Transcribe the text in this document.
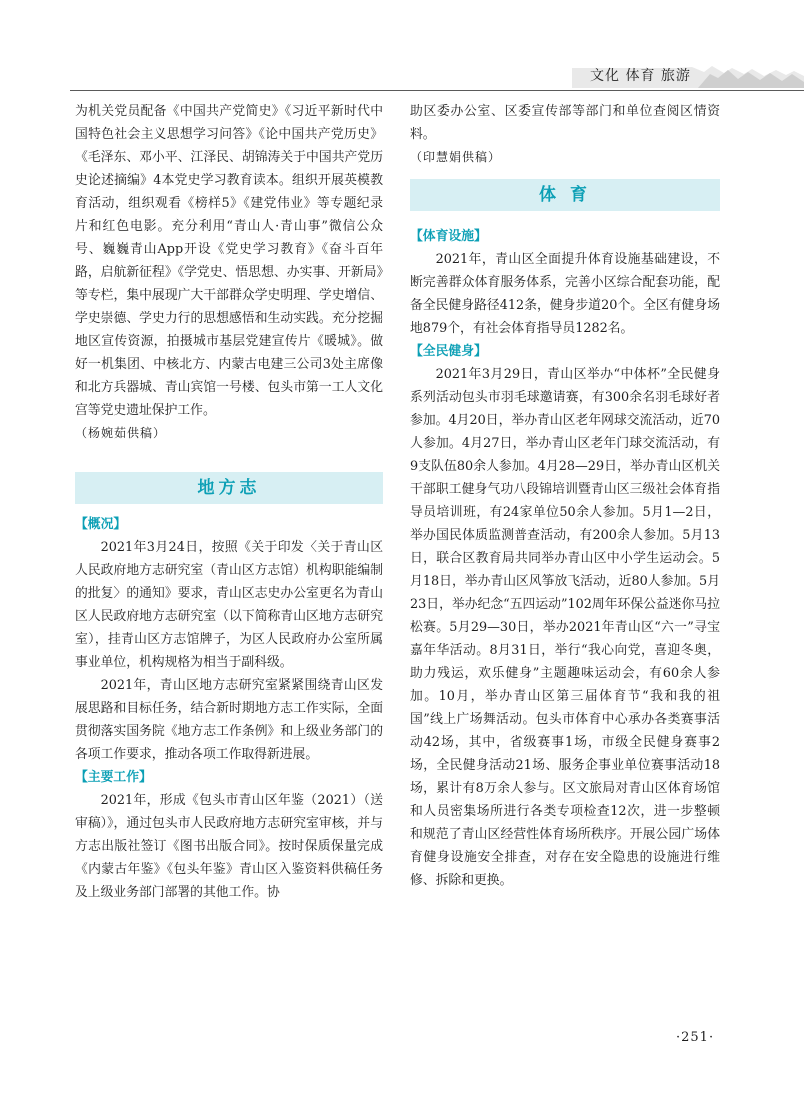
文化 体育 旅游

为机关党员配备《中国共产党简史》《习近平新时代中国特色社会主义思想学习问答》《论中国共产党历史》《毛泽东、邓小平、江泽民、胡锦涛关于中国共产党历史论述摘编》4本党史学习教育读本。组织开展英模教育活动，组织观看《榜样5》《建党伟业》等专题纪录片和红色电影。充分利用“青山人·青山事”微信公众号、巍巍青山App开设《党史学习教育》《奋斗百年路，启航新征程》《学党史、悟思想、办实事、开新局》等专栏，集中展现广大干部群众学史明理、学史增信、学史崇德、学史力行的思想感悟和生动实践。充分挖掘地区宣传资源，拍摄城市基层党建宣传片《暖城》。做好一机集团、中核北方、内蒙古电建三公司3处主席像和北方兵器城、青山宾馆一号楼、包头市第一工人文化宫等党史遗址保护工作。

（杨婉茹供稿）

地方志

【概况】

2021年3月24日，按照《关于印发〈关于青山区人民政府地方志研究室（青山区方志馆）机构职能编制的批复〉的通知》要求，青山区志史办公室更名为青山区人民政府地方志研究室（以下简称青山区地方志研究室），挂青山区方志馆牌子，为区人民政府办公室所属事业单位，机构规格为相当于副科级。

2021年，青山区地方志研究室紧紧围绕青山区发展思路和目标任务，结合新时期地方志工作实际，全面贯彻落实国务院《地方志工作条例》和上级业务部门的各项工作要求，推动各项工作取得新进展。

【主要工作】

2021年，形成《包头市青山区年鉴（2021）（送审稿）》，通过包头市人民政府地方志研究室审核，并与方志出版社签订《图书出版合同》。按时保质保量完成《内蒙古年鉴》《包头年鉴》青山区入鉴资料供稿任务及上级业务部门部署的其他工作。协

助区委办公室、区委宣传部等部门和单位查阅区情资料。

（印慧娟供稿）

体 育

【体育设施】

2021年，青山区全面提升体育设施基础建设，不断完善群众体育服务体系，完善小区综合配套功能，配备全民健身路径412条，健身步道20个。全区有健身场地879个，有社会体育指导员1282名。

【全民健身】

2021年3月29日，青山区举办“中体杯”全民健身系列活动包头市羽毛球邀请赛，有300余名羽毛球好者参加。4月20日，举办青山区老年网球交流活动，近70人参加。4月27日，举办青山区老年门球交流活动，有9支队伍80余人参加。4月28—29日，举办青山区机关干部职工健身气功八段锦培训暨青山区三级社会体育指导员培训班，有24家单位50余人参加。5月1—2日，举办国民体质监测普查活动，有200余人参加。5月13日，联合区教育局共同举办青山区中小学生运动会。5月18日，举办青山区风筝放飞活动，近80人参加。5月23日，举办纪念“五四运动”102周年环保公益迷你马拉松赛。5月29—30日，举办2021年青山区“六一”寻宝嘉年华活动。8月31日，举行“我心向党，喜迎冬奥，助力残运，欢乐健身”主题趣味运动会，有60余人参加。10月，举办青山区第三届体育节“我和我的祖国”线上广场舞活动。包头市体育中心承办各类赛事活动42场，其中，省级赛事1场，市级全民健身赛事2场，全民健身活动21场、服务企事业单位赛事活动18场，累计有8万余人参与。区文旅局对青山区体育场馆和人员密集场所进行各类专项检查12次，进一步整顿和规范了青山区经营性体育场所秩序。开展公园广场体育健身设施安全排查，对存在安全隐患的设施进行维修、拆除和更换。

·251·
